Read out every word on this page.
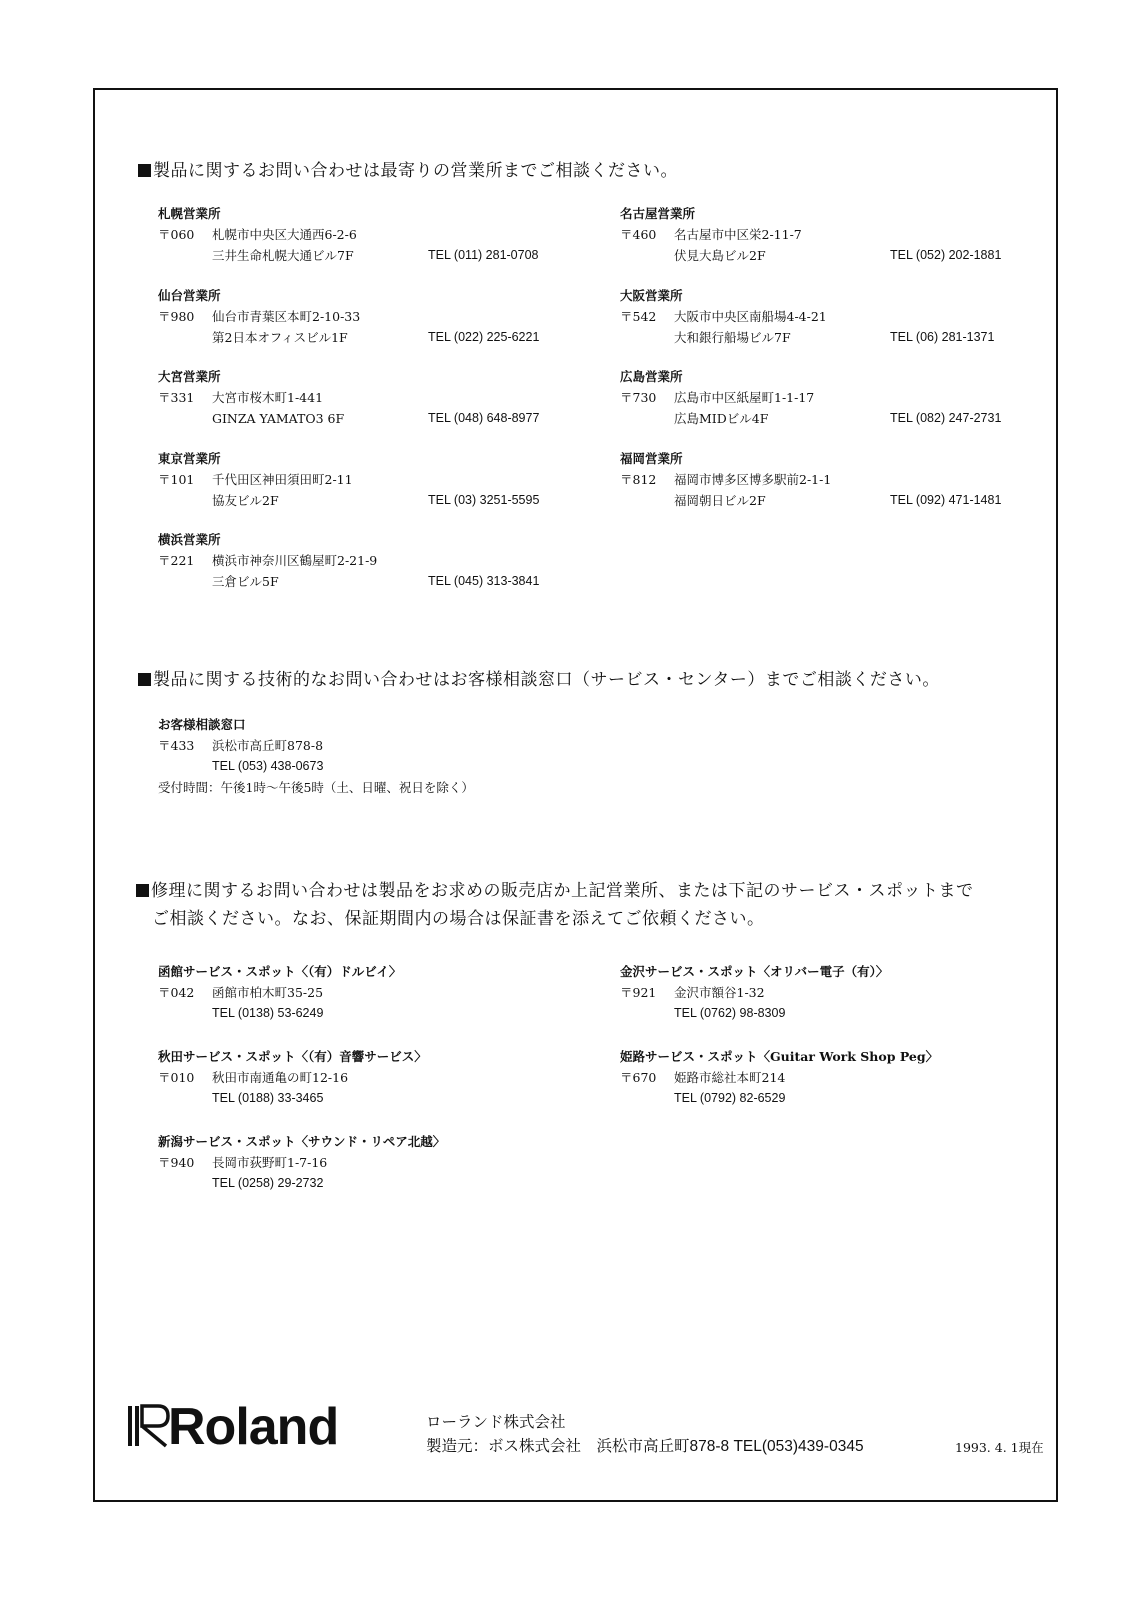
製品に関するお問い合わせは最寄りの営業所までご相談ください。
札幌営業所
〒060 札幌市中央区大通西6-2-6
三井生命札幌大通ビル7F	TEL (011) 281-0708
仙台営業所
〒980 仙台市青葉区本町2-10-33
第2日本オフィスビル1F	TEL (022) 225-6221
大宮営業所
〒331 大宮市桜木町1-441
GINZA YAMATO3 6F	TEL (048) 648-8977
東京営業所
〒101 千代田区神田須田町2-11
協友ビル2F	TEL (03) 3251-5595
横浜営業所
〒221 横浜市神奈川区鶴屋町2-21-9
三倉ビル5F	TEL (045) 313-3841
名古屋営業所
〒460 名古屋市中区栄2-11-7
伏見大島ビル2F	TEL (052) 202-1881
大阪営業所
〒542 大阪市中央区南船場4-4-21
大和銀行船場ビル7F	TEL (06) 281-1371
広島営業所
〒730 広島市中区紙屋町1-1-17
広島MIDビル4F	TEL (082) 247-2731
福岡営業所
〒812 福岡市博多区博多駅前2-1-1
福岡朝日ビル2F	TEL (092) 471-1481
製品に関する技術的なお問い合わせはお客様相談窓口（サービス・センター）までご相談ください。
お客様相談窓口
〒433 浜松市高丘町878-8
TEL (053) 438-0673
受付時間：午後1時～午後5時（土、日曜、祝日を除く）
修理に関するお問い合わせは製品をお求めの販売店か上記営業所、または下記のサービス・スポットまで
ご相談ください。なお、保証期間内の場合は保証書を添えてご依頼ください。
函館サービス・スポット〈（有）ドルビイ〉
〒042 函館市柏木町35-25
TEL (0138) 53-6249
秋田サービス・スポット〈（有）音響サービス〉
〒010 秋田市南通亀の町12-16
TEL (0188) 33-3465
新潟サービス・スポット〈サウンド・リペア北越〉
〒940 長岡市荻野町1-7-16
TEL (0258) 29-2732
金沢サービス・スポット〈オリバー電子（有）〉
〒921 金沢市額谷1-32
TEL (0762) 98-8309
姫路サービス・スポット〈Guitar Work Shop Peg〉
〒670 姫路市総社本町214
TEL (0792) 82-6529
Roland	ローランド株式会社
製造元：ボス株式会社　浜松市高丘町878-8 TEL(053)439-0345	1993. 4. 1現在
